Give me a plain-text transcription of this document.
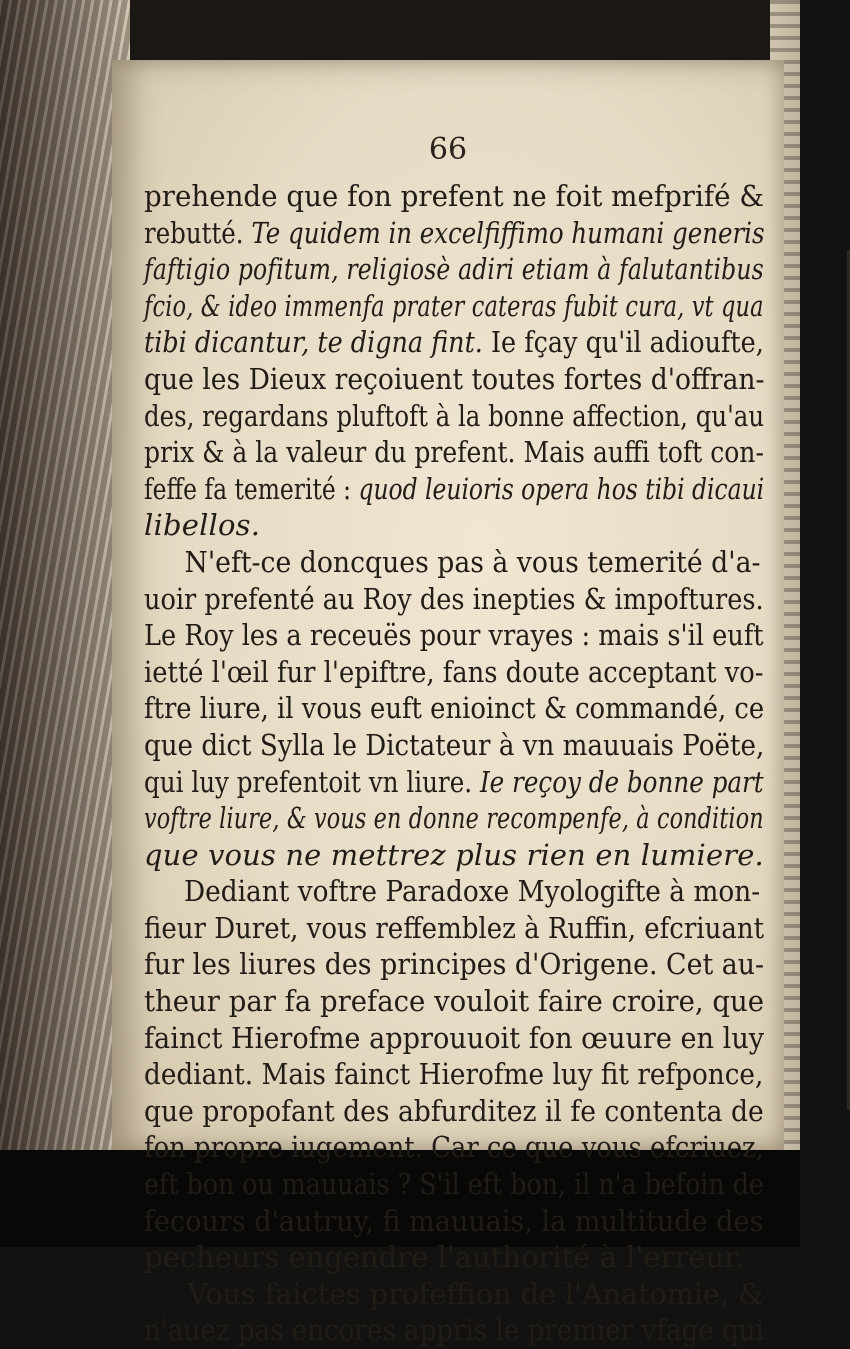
66
prehende que fon prefent ne foit mefprifé &
rebutté. Te quidem in excelfiffimo humani generis
faftigio pofitum, religiosè adiri etiam à falutantibus
fcio, & ideo immenfa prater cateras fubit cura, vt qua
tibi dicantur, te digna fint. Ie fçay qu'il adioufte,
que les Dieux reçoiuent toutes fortes d'offran-
des, regardans pluftoft à la bonne affection, qu'au
prix & à la valeur du prefent. Mais auffi toft con-
feffe fa temerité : quod leuioris opera hos tibi dicaui
libellos.
N'eft-ce doncques pas à vous temerité d'a-
uoir prefenté au Roy des inepties & impoftures.
Le Roy les a receuës pour vrayes : mais s'il euft
ietté l'œil fur l'epiftre, fans doute acceptant vo-
ftre liure, il vous euft enioinct & commandé, ce
que dict Sylla le Dictateur à vn mauuais Poëte,
qui luy prefentoit vn liure. Ie reçoy de bonne part
voftre liure, & vous en donne recompenfe, à condition
que vous ne mettrez plus rien en lumiere.
Dediant voftre Paradoxe Myologifte à mon-
fieur Duret, vous reffemblez à Ruffin, efcriuant
fur les liures des principes d'Origene. Cet au-
theur par fa preface vouloit faire croire, que
fainct Hierofme approuuoit fon œuure en luy
dediant. Mais fainct Hierofme luy fit refponce,
que propofant des abfurditez il fe contenta de
fon propre iugement. Car ce que vous efcriuez,
eft bon ou mauuais ? S'il eft bon, il n'a befoin de
fecours d'autruy, fi mauuais, la multitude des
pecheurs engendre l'authorité à l'erreur.
Vous faictes profeffion de l'Anatomie, &
n'auez pas encores appris le premier vfage qui
